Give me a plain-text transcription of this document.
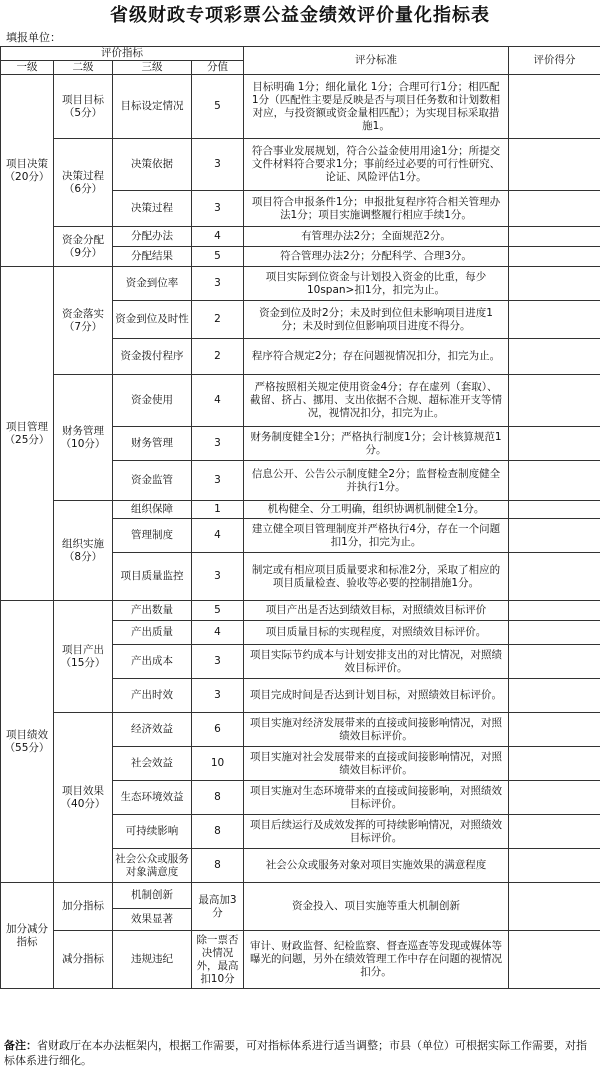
省级财政专项彩票公益金绩效评价量化指标表
填报单位：
评价指标				评分标准	评价得分
一级	二级	三级	分值		
项目决策（20分）	项目目标（5分）	目标设定情况	5	目标明确 1分；细化量化 1分；合理可行1分；相匹配1分（匹配性主要是反映是否与项目任务数和计划数相对应，与投资额或资金量相匹配）；为实现目标采取措施1。	
	决策过程（6分）	决策依据	3	符合事业发展规划，符合公益金使用用途1分；所提交文件材料符合要求1分；事前经过必要的可行性研究、论证、风险评估1分。	
		决策过程	3	项目符合申报条件1分；申报批复程序符合相关管理办法1分；项目实施调整履行相应手续1分。	
	资金分配（9分）	分配办法	4	有管理办法2分；全面规范2分。	
		分配结果	5	符合管理办法2分；分配科学、合理3分。	
项目管理（25分）	资金落实（7分）	资金到位率	3	项目实际到位资金与计划投入资金的比重，每少10span>扣1分，扣完为止。	
		资金到位及时性	2	资金到位及时2分；未及时到位但未影响项目进度1分；未及时到位但影响项目进度不得分。	
		资金拨付程序	2	程序符合规定2分；存在问题视情况扣分，扣完为止。	
	财务管理（10分）	资金使用	4	严格按照相关规定使用资金4分；存在虚列（套取）、截留、挤占、挪用、支出依据不合规、超标准开支等情况，视情况扣分，扣完为止。	
		财务管理	3	财务制度健全1分；严格执行制度1分；会计核算规范1分。	
		资金监管	3	信息公开、公告公示制度健全2分；监督检查制度健全并执行1分。	
	组织实施（8分）	组织保障	1	机构健全、分工明确，组织协调机制健全1分。	
		管理制度	4	建立健全项目管理制度并严格执行4分，存在一个问题扣1分，扣完为止。	
		项目质量监控	3	制定或有相应项目质量要求和标准2分，采取了相应的项目质量检查、验收等必要的控制措施1分。	
项目绩效（55分）	项目产出（15分）	产出数量	5	项目产出是否达到绩效目标，对照绩效目标评价	
		产出质量	4	项目质量目标的实现程度，对照绩效目标评价。	
		产出成本	3	项目实际节约成本与计划安排支出的对比情况，对照绩效目标评价。	
		产出时效	3	项目完成时间是否达到计划目标，对照绩效目标评价。	
	项目效果（40分）	经济效益	6	项目实施对经济发展带来的直接或间接影响情况，对照绩效目标评价。	
		社会效益	10	项目实施对社会发展带来的直接或间接影响情况，对照绩效目标评价。	
		生态环境效益	8	项目实施对生态环境带来的直接或间接影响，对照绩效目标评价。	
		可持续影响	8	项目后续运行及成效发挥的可持续影响情况，对照绩效目标评价。	
		社会公众或服务对象满意度	8	社会公众或服务对象对项目实施效果的满意程度	
加分减分指标	加分指标	机制创新	最高加3分	资金投入、项目实施等重大机制创新	
		效果显著			
	减分指标	违规违纪	除一票否决情况外，最高扣10分	审计、财政监督、纪检监察、督查巡查等发现或媒体等曝光的问题，另外在绩效管理工作中存在问题的视情况扣分。	
备注：省财政厅在本办法框架内，根据工作需要，可对指标体系进行适当调整；市县（单位）可根据实际工作需要，对指标体系进行细化。
